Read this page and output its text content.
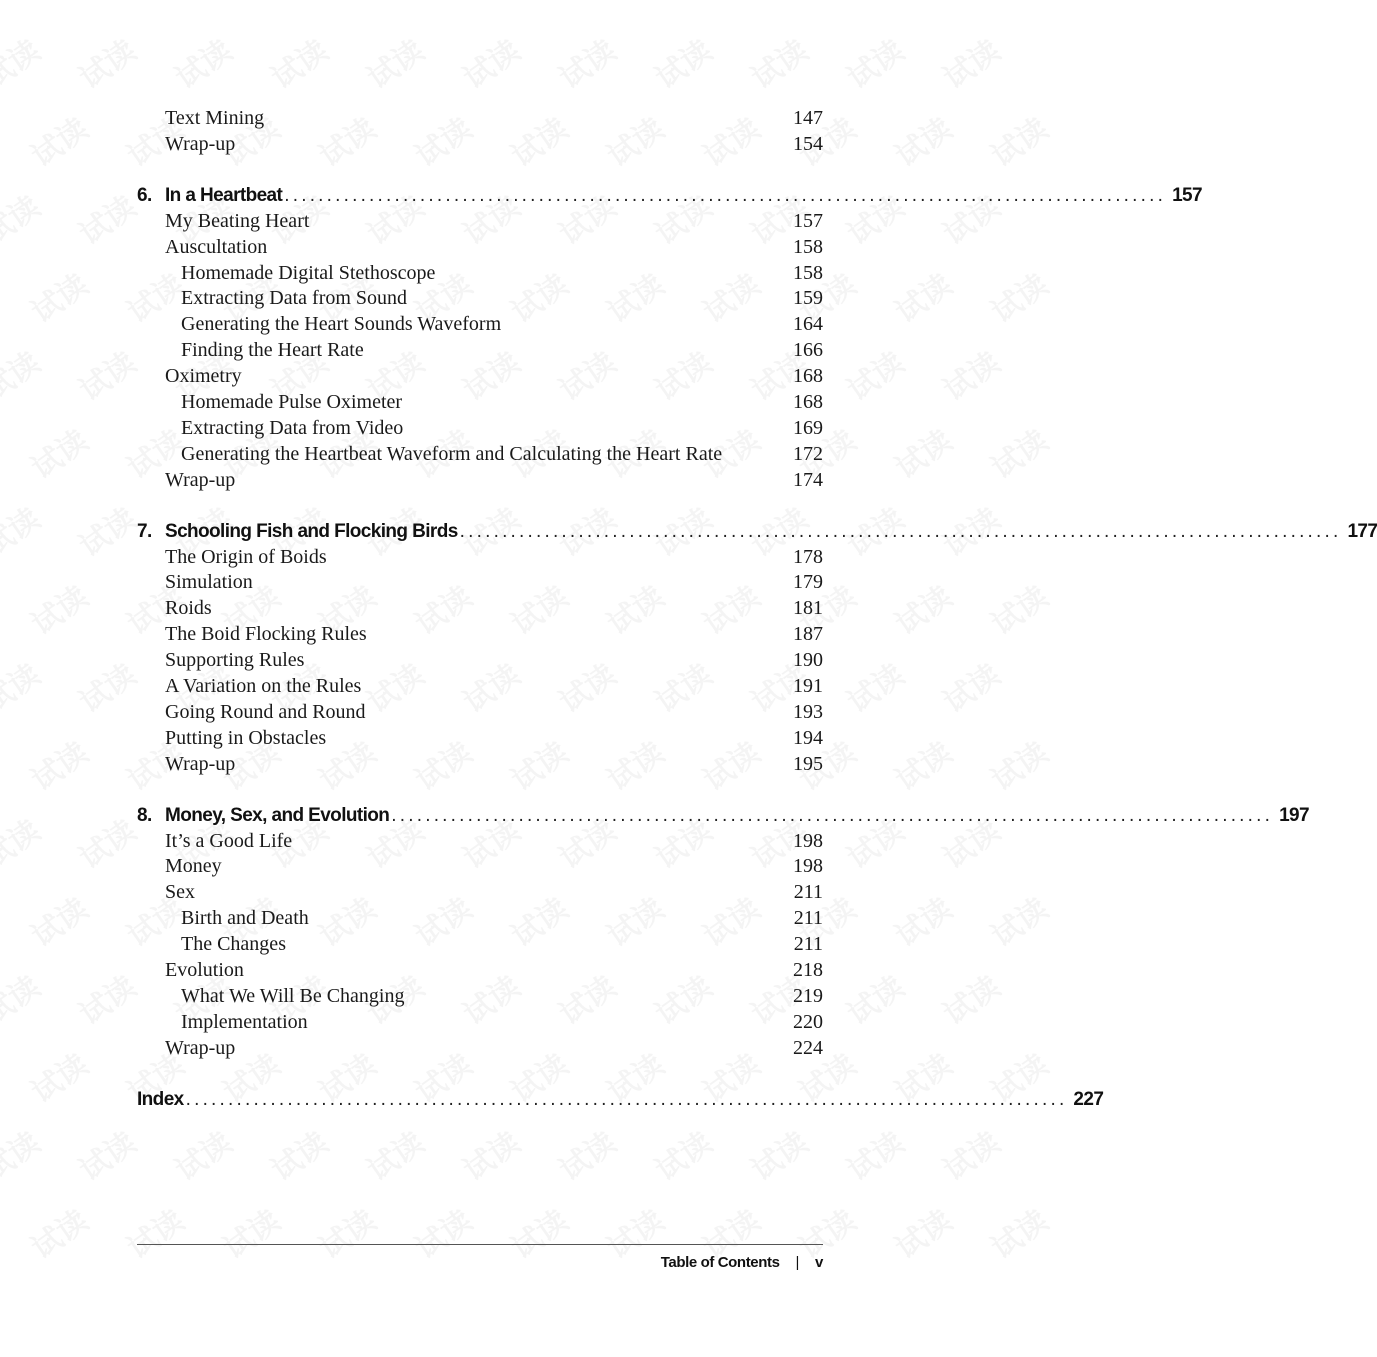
Text Mining	147
Wrap-up	154
6. In a Heartbeat ........................................................................................................ 157
My Beating Heart	157
Auscultation	158
Homemade Digital Stethoscope	158
Extracting Data from Sound	159
Generating the Heart Sounds Waveform	164
Finding the Heart Rate	166
Oximetry	168
Homemade Pulse Oximeter	168
Extracting Data from Video	169
Generating the Heartbeat Waveform and Calculating the Heart Rate	172
Wrap-up	174
7. Schooling Fish and Flocking Birds ........................................................................................................ 177
The Origin of Boids	178
Simulation	179
Roids	181
The Boid Flocking Rules	187
Supporting Rules	190
A Variation on the Rules	191
Going Round and Round	193
Putting in Obstacles	194
Wrap-up	195
8. Money, Sex, and Evolution ........................................................................................................ 197
It’s a Good Life	198
Money	198
Sex	211
Birth and Death	211
The Changes	211
Evolution	218
What We Will Be Changing	219
Implementation	220
Wrap-up	224
Index ........................................................................................................ 227
Table of Contents | v
